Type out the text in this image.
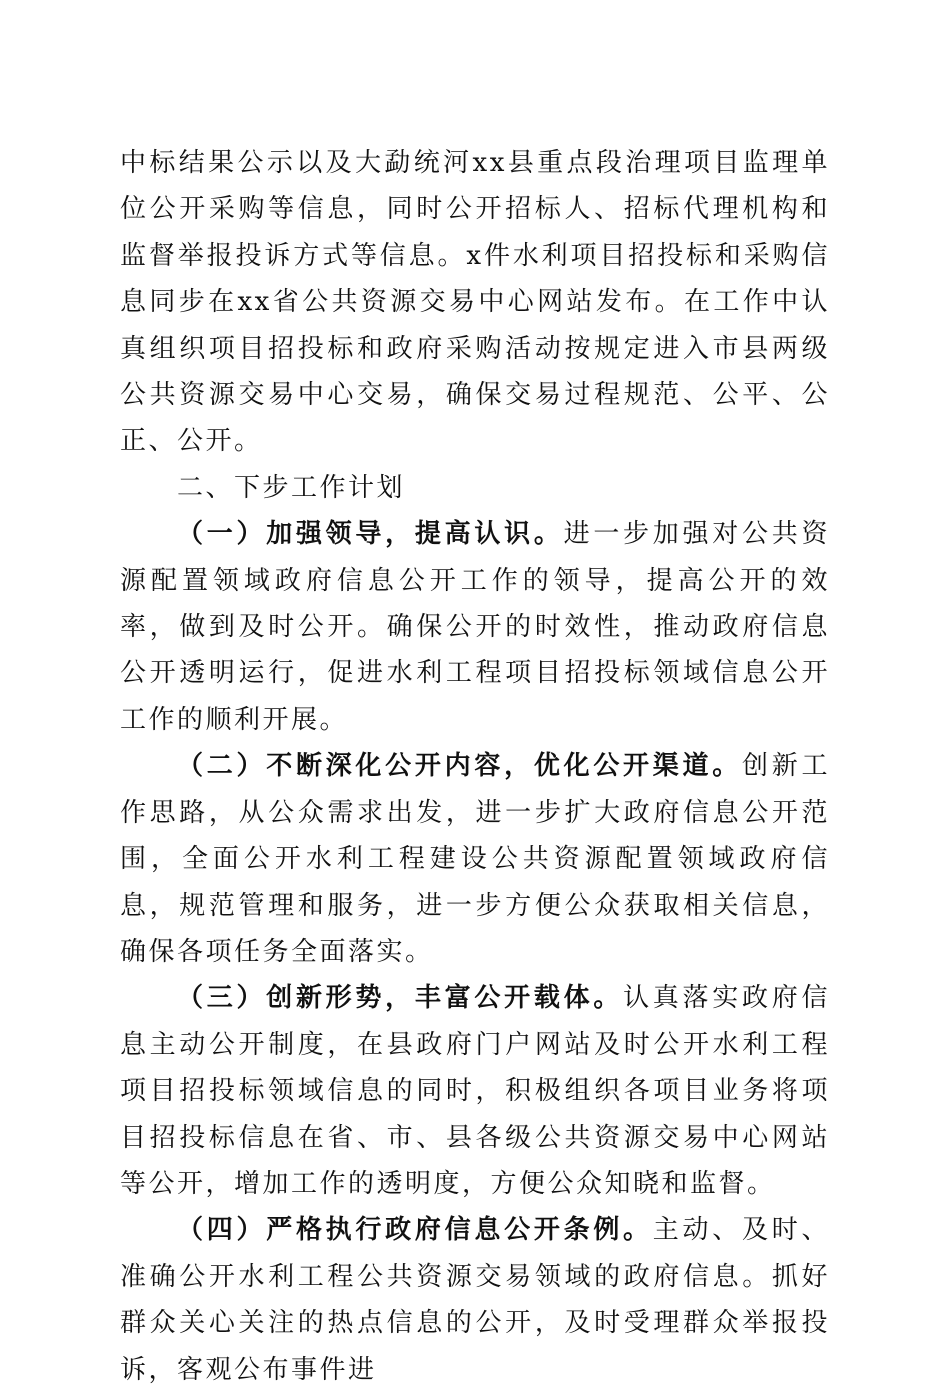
中标结果公示以及大勐统河xx县重点段治理项目监理单位公开采购等信息，同时公开招标人、招标代理机构和监督举报投诉方式等信息。x件水利项目招投标和采购信息同步在xx省公共资源交易中心网站发布。在工作中认真组织项目招投标和政府采购活动按规定进入市县两级公共资源交易中心交易，确保交易过程规范、公平、公正、公开。

二、下步工作计划

（一）加强领导，提高认识。进一步加强对公共资源配置领域政府信息公开工作的领导，提高公开的效率，做到及时公开。确保公开的时效性，推动政府信息公开透明运行，促进水利工程项目招投标领域信息公开工作的顺利开展。

（二）不断深化公开内容，优化公开渠道。创新工作思路，从公众需求出发，进一步扩大政府信息公开范围，全面公开水利工程建设公共资源配置领域政府信息，规范管理和服务，进一步方便公众获取相关信息，确保各项任务全面落实。

（三）创新形势，丰富公开载体。认真落实政府信息主动公开制度，在县政府门户网站及时公开水利工程项目招投标领域信息的同时，积极组织各项目业务将项目招投标信息在省、市、县各级公共资源交易中心网站等公开，增加工作的透明度，方便公众知晓和监督。

（四）严格执行政府信息公开条例。主动、及时、准确公开水利工程公共资源交易领域的政府信息。抓好群众关心关注的热点信息的公开，及时受理群众举报投诉，客观公布事件进
